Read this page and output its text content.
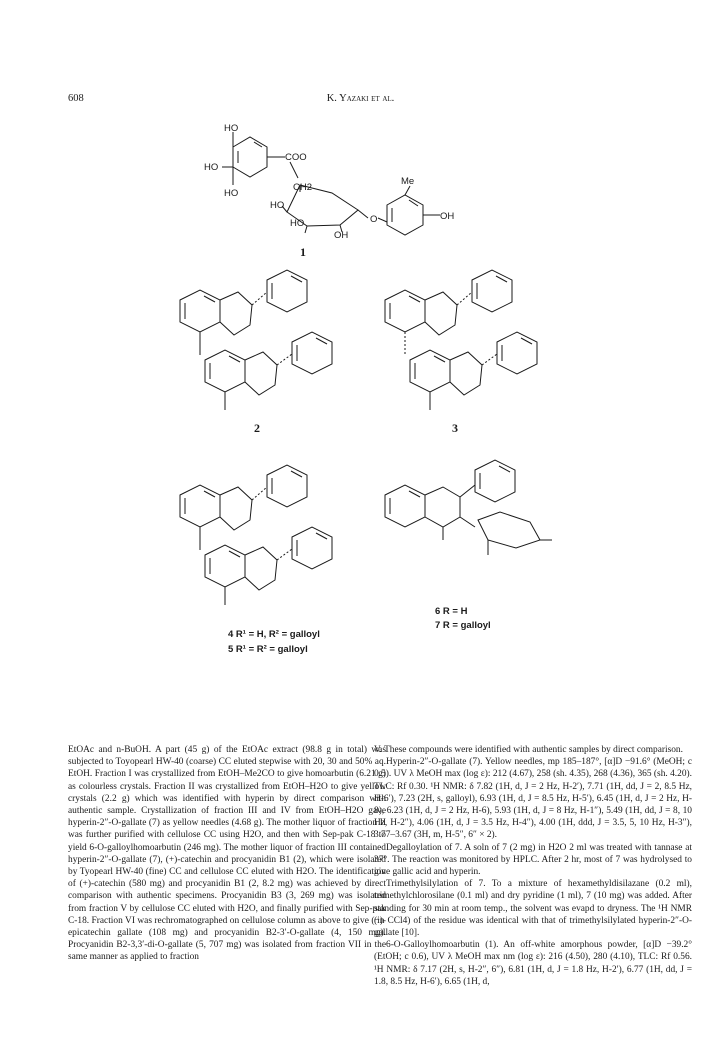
608	K. Yazaki et al.
HO
HO
HO
COO
CH2
HO
HO
OH
O	OH
Me
1
2	3
4 R¹ = H, R² = galloyl
5 R¹ = R² = galloyl
6 R = H
7 R = galloyl

EtOAc and n-BuOH. A part (45 g) of the EtOAc extract (98.8 g in total) was subjected to Toyopearl HW-40 (coarse) CC eluted stepwise with 20, 30 and 50% aq. EtOH. Fraction I was crystallized from EtOH–Me2CO to give homoarbutin (6.21 g) as colourless crystals. Fraction II was crystallized from EtOH–H2O to give yellow crystals (2.2 g) which was identified with hyperin by direct comparison with authentic sample. Crystallization of fraction III and IV from EtOH–H2O gave hyperin-2″-O-gallate (7) as yellow needles (4.68 g). The mother liquor of fraction II was further purified with cellulose CC using H2O, and then with Sep-pak C-18 to yield 6-O-galloylhomoarbutin (246 mg). The mother liquor of fraction III contained hyperin-2″-O-gallate (7), (+)-catechin and procyanidin B1 (2), which were isolated by Tyopearl HW-40 (fine) CC and cellulose CC eluted with H2O. The identification of (+)-catechin (580 mg) and procyanidin B1 (2, 8.2 mg) was achieved by direct comparison with authentic specimens. Procyanidin B3 (3, 269 mg) was isolated from fraction V by cellulose CC eluted with H2O, and finally purified with Sep-pak C-18. Fraction VI was rechromatographed on cellulose column as above to give (−)-epicatechin gallate (108 mg) and procyanidin B2-3′-O-gallate (4, 150 mg). Procyanidin B2-3,3′-di-O-gallate (5, 707 mg) was isolated from fraction VII in the same manner as applied to fraction

V. These compounds were identified with authentic samples by direct comparison.

Hyperin-2″-O-gallate (7). Yellow needles, mp 185–187°, [α]D −91.6° (MeOH; c 0.5). UV λ MeOH max (log ε): 212 (4.67), 258 (sh. 4.35), 268 (4.36), 365 (sh. 4.20). TLC: Rf 0.30. ¹H NMR: δ 7.82 (1H, d, J = 2 Hz, H-2′), 7.71 (1H, dd, J = 2, 8.5 Hz, H-6′), 7.23 (2H, s, galloyl), 6.93 (1H, d, J = 8.5 Hz, H-5′), 6.45 (1H, d, J = 2 Hz, H-8), 6.23 (1H, d, J = 2 Hz, H-6), 5.93 (1H, d, J = 8 Hz, H-1″), 5.49 (1H, dd, J = 8, 10 Hz, H-2″), 4.06 (1H, d, J = 3.5 Hz, H-4″), 4.00 (1H, ddd, J = 3.5, 5, 10 Hz, H-3″), 3.77–3.67 (3H, m, H-5″, 6″ × 2).

Degalloylation of 7. A soln of 7 (2 mg) in H2O 2 ml was treated with tannase at 37°. The reaction was monitored by HPLC. After 2 hr, most of 7 was hydrolysed to give gallic acid and hyperin.

Trimethylsilylation of 7. To a mixture of hexamethyldisilazane (0.2 ml), trimethylchlorosilane (0.1 ml) and dry pyridine (1 ml), 7 (10 mg) was added. After standing for 30 min at room temp., the solvent was evapd to dryness. The ¹H NMR (in CCl4) of the residue was identical with that of trimethylsilylated hyperin-2″-O-gallate [10].

6-O-Galloylhomoarbutin (1). An off-white amorphous powder, [α]D −39.2° (EtOH; c 0.6), UV λ MeOH max nm (log ε): 216 (4.50), 280 (4.10), TLC: Rf 0.56. ¹H NMR: δ 7.17 (2H, s, H-2″, 6″), 6.81 (1H, d, J = 1.8 Hz, H-2′), 6.77 (1H, dd, J = 1.8, 8.5 Hz, H-6′), 6.65 (1H, d,
